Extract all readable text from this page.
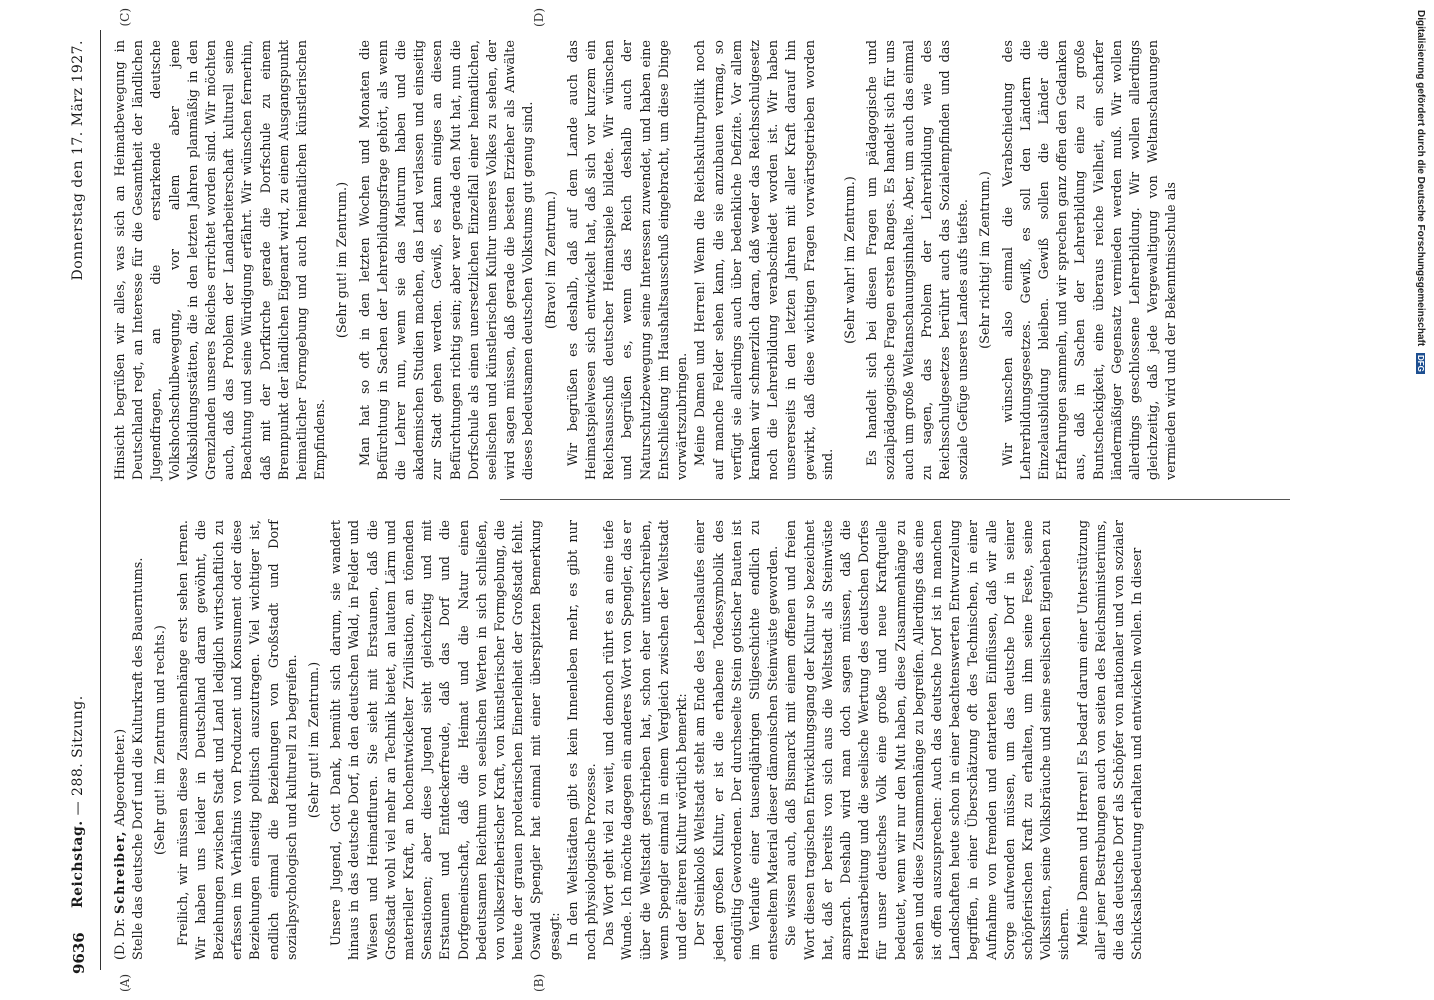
9636
Reichstag. — 288. Sitzung.
Donnerstag den 17. März 1927.
(A)	(B)
(C)	(D)

(D. Dr. Schreiber, Abgeordneter.) Stelle das deutsche Dorf und die Kulturkraft des Bauerntums. (Sehr gut! im Zentrum und rechts.) Freilich, wir müssen diese Zusammenhänge erst sehen lernen. Wir haben uns leider in Deutschland daran gewöhnt, die Beziehungen zwischen Stadt und Land lediglich wirtschaftlich zu erfassen im Verhältnis von Produzent und Konsument oder diese Beziehungen einseitig politisch auszutragen. Viel wichtiger ist, endlich einmal die Beziehungen von Großstadt und Dorf sozialpsychologisch und kulturell zu begreifen. (Sehr gut! im Zentrum.) Unsere Jugend, Gott Dank, bemüht sich darum, sie wandert hinaus in das deutsche Dorf, in den deutschen Wald, in Felder und Wiesen und Heimatfluren. Sie sieht mit Erstaunen, daß die Großstadt wohl viel mehr an Technik bietet, an lautem Lärm und materieller Kraft, an hochentwickelter Zivilisation, an tönenden Sensationen; aber diese Jugend sieht gleichzeitig und mit Erstaunen und Entdeckerfreude, daß das Dorf und die Dorfgemeinschaft, daß die Heimat und die Natur einen bedeutsamen Reichtum von seelischen Werten in sich schließen, von volkserzieherischer Kraft, von künstlerischer Formgebung, die heute der grauen proletarischen Einerleiheit der Großstadt fehlt. Oswald Spengler hat einmal mit einer überspitzten Bemerkung gesagt: In den Weltstädten gibt es kein Innenleben mehr, es gibt nur noch physiologische Prozesse. Das Wort geht viel zu weit, und dennoch rührt es an eine tiefe Wunde. Ich möchte dagegen ein anderes Wort von Spengler, das er über die Weltstadt geschrieben hat, schon eher unterschreiben, wenn Spengler einmal in einem Vergleich zwischen der Weltstadt und der älteren Kultur wörtlich bemerkt: Der Steinkoloß Weltstadt steht am Ende des Lebenslaufes einer jeden großen Kultur, er ist die erhabene Todessymbolik des endgültig Gewordenen. Der durchseelte Stein gotischer Bauten ist im Verlaufe einer tausendjährigen Stilgeschichte endlich zu entseeltem Material dieser dämonischen Steinwüste geworden. Sie wissen auch, daß Bismarck mit einem offenen und freien Wort diesen tragischen Entwicklungsgang der Kultur so bezeichnet hat, daß er bereits von sich aus die Weltstadt als Steinwüste ansprach. Deshalb wird man doch sagen müssen, daß die Herausarbeitung und die seelische Wertung des deutschen Dorfes für unser deutsches Volk eine große und neue Kraftquelle bedeutet, wenn wir nur den Mut haben, diese Zusammenhänge zu sehen und diese Zusammenhänge zu begreifen. Allerdings das eine ist offen auszusprechen: Auch das deutsche Dorf ist in manchen Landschaften heute schon in einer beachtenswerten Entwurzelung begriffen, in einer Überschätzung oft des Technischen, in einer Aufnahme von fremden und entarteten Einflüssen, daß wir alle Sorge aufwenden müssen, um das deutsche Dorf in seiner schöpferischen Kraft zu erhalten, um ihm seine Feste, seine Volkssitten, seine Volksbräuche und seine seelischen Eigenleben zu sichern. Meine Damen und Herren! Es bedarf darum einer Unterstützung aller jener Bestrebungen auch von seiten des Reichsministeriums, die das deutsche Dorf als Schöpfer von nationaler und von sozialer Schicksalsbedeutung erhalten und entwickeln wollen. In dieser

Hinsicht begrüßen wir alles, was sich an Heimatbewegung in Deutschland regt, an Interesse für die Gesamtheit der ländlichen Jugendfragen, an die erstarkende deutsche Volkshochschulbewegung, vor allem aber jene Volksbildungsstätten, die in den letzten Jahren planmäßig in den Grenzlanden unseres Reiches errichtet worden sind. Wir möchten auch, daß das Problem der Landarbeiterschaft kulturell seine Beachtung und seine Würdigung erfährt. Wir wünschen fernerhin, daß mit der Dorfkirche gerade die Dorfschule zu einem Brennpunkt der ländlichen Eigenart wird, zu einem Ausgangspunkt heimatlicher Formgebung und auch heimatlichen künstlerischen Empfindens.

(Sehr gut! im Zentrum.) Man hat so oft in den letzten Wochen und Monaten die Befürchtung in Sachen der Lehrerbildungsfrage gehört, als wenn die Lehrer nun, wenn sie das Maturum haben und die akademischen Studien machen, das Land verlassen und einseitig zur Stadt gehen werden. Gewiß, es kann einiges an diesen Befürchtungen richtig sein; aber wer gerade den Mut hat, nun die Dorfschule als einen unersetzlichen Einzelfall einer heimatlichen, seelischen und künstlerischen Kultur unseres Volkes zu sehen, der wird sagen müssen, daß gerade die besten Erzieher als Anwälte dieses bedeutsamen deutschen Volkstums gut genug sind. (Bravo! im Zentrum.) Wir begrüßen es deshalb, daß auf dem Lande auch das Heimatspielwesen sich entwickelt hat, daß sich vor kurzem ein Reichsausschuß deutscher Heimatspiele bildete. Wir wünschen und begrüßen es, wenn das Reich deshalb auch der Naturschutzbewegung seine Interessen zuwendet, und haben eine Entschließung im Haushaltsausschuß eingebracht, um diese Dinge vorwärtszubringen. Meine Damen und Herren! Wenn die Reichskulturpolitik noch auf manche Felder sehen kann, die sie anzubauen vermag, so verfügt sie allerdings auch über bedenkliche Defizite. Vor allem kranken wir schmerzlich daran, daß weder das Reichsschulgesetz noch die Lehrerbildung verabschiedet worden ist. Wir haben unsererseits in den letzten Jahren mit aller Kraft darauf hin gewirkt, daß diese wichtigen Fragen vorwärtsgetrieben worden sind.

(Sehr wahr! im Zentrum.) Es handelt sich bei diesen Fragen um pädagogische und sozialpädagogische Fragen ersten Ranges. Es handelt sich für uns auch um große Weltanschauungsinhalte. Aber, um auch das einmal zu sagen, das Problem der Lehrerbildung wie des Reichsschulgesetzes berührt auch das Sozialempfinden und das soziale Gefüge unseres Landes aufs tiefste. (Sehr richtig! im Zentrum.) Wir wünschen also einmal die Verabschiedung des Lehrerbildungsgesetzes. Gewiß, es soll den Ländern die Einzelausbildung bleiben. Gewiß sollen die Länder die Erfahrungen sammeln, und wir sprechen ganz offen den Gedanken aus, daß in Sachen der Lehrerbildung eine zu große Buntscheckigkeit, eine überaus reiche Vielheit, ein scharfer ländermäßiger Gegensatz vermieden werden muß. Wir wollen allerdings geschlossene Lehrerbildung. Wir wollen allerdings gleichzeitig, daß jede Vergewaltigung von Weltanschauungen vermieden wird und der Bekenntnisschule als	Digitalisierung gefördert durch die Deutsche Forschungsgemeinschaft DFG
